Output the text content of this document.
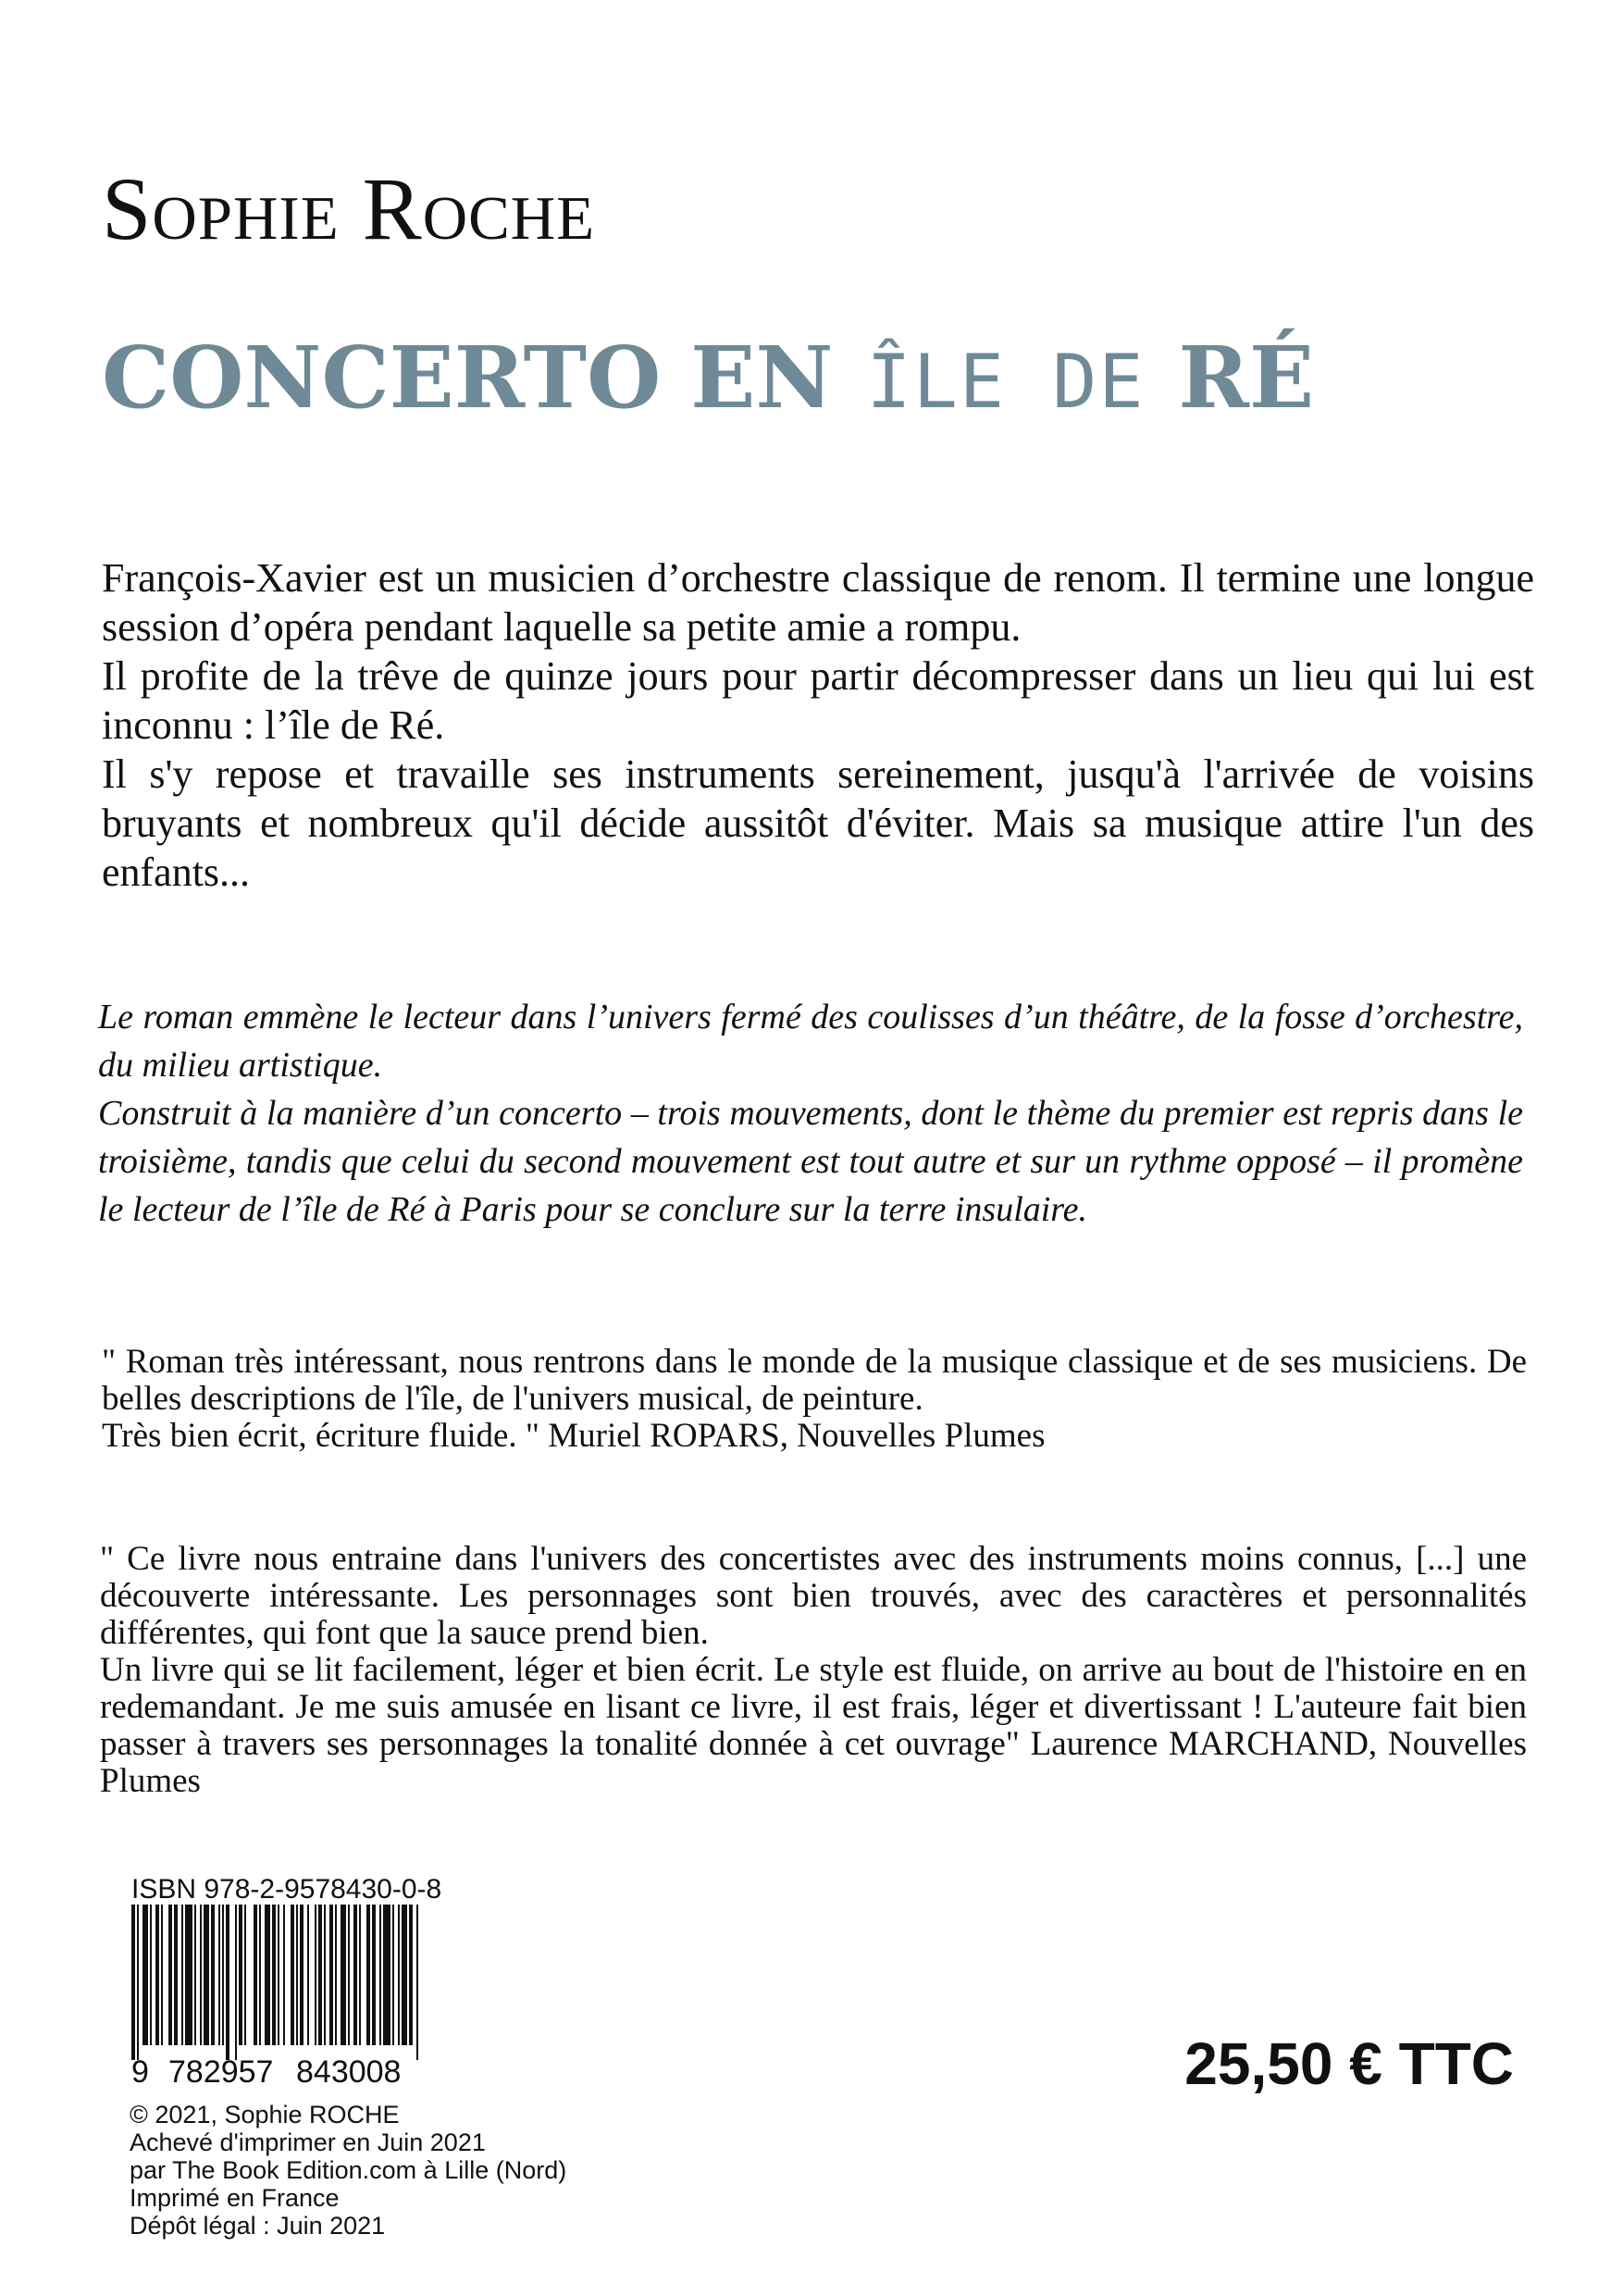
Sophie Roche
CONCERTO EN ÎLE DE RÉ

François-Xavier est un musicien d’orchestre classique de renom. Il termine une longue session d’opéra pendant laquelle sa petite amie a rompu.

Il profite de la trêve de quinze jours pour partir décompresser dans un lieu qui lui est inconnu : l’île de Ré.

Il s'y repose et travaille ses instruments sereinement, jusqu'à l'arrivée de voisins bruyants et nombreux qu'il décide aussitôt d'éviter. Mais sa musique attire l'un des enfants...

Le roman emmène le lecteur dans l’univers fermé des coulisses d’un théâtre, de la fosse d’orchestre, du milieu artistique.

Construit à la manière d’un concerto – trois mouvements, dont le thème du premier est repris dans le troisième, tandis que celui du second mouvement est tout autre et sur un rythme opposé – il promène le lecteur de l’île de Ré à Paris pour se conclure sur la terre insulaire.

" Roman très intéressant, nous rentrons dans le monde de la musique classique et de ses musiciens. De belles descriptions de l'île, de l'univers musical, de peinture.

Très bien écrit, écriture fluide. " Muriel ROPARS, Nouvelles Plumes

" Ce livre nous entraine dans l'univers des concertistes avec des instruments moins connus, [...] une découverte intéressante. Les personnages sont bien trouvés, avec des caractères et personnalités différentes, qui font que la sauce prend bien.

Un livre qui se lit facilement, léger et bien écrit. Le style est fluide, on arrive au bout de l'histoire en en redemandant. Je me suis amusée en lisant ce livre, il est frais, léger et divertissant ! L'auteure fait bien passer à travers ses personnages la tonalité donnée à cet ouvrage" Laurence MARCHAND, Nouvelles Plumes

ISBN 978-2-9578430-0-8
9 782957 843008	25,50 € TTC
© 2021, Sophie ROCHE
Achevé d'imprimer en Juin 2021
par The Book Edition.com à Lille (Nord)
Imprimé en France
Dépôt légal : Juin 2021
